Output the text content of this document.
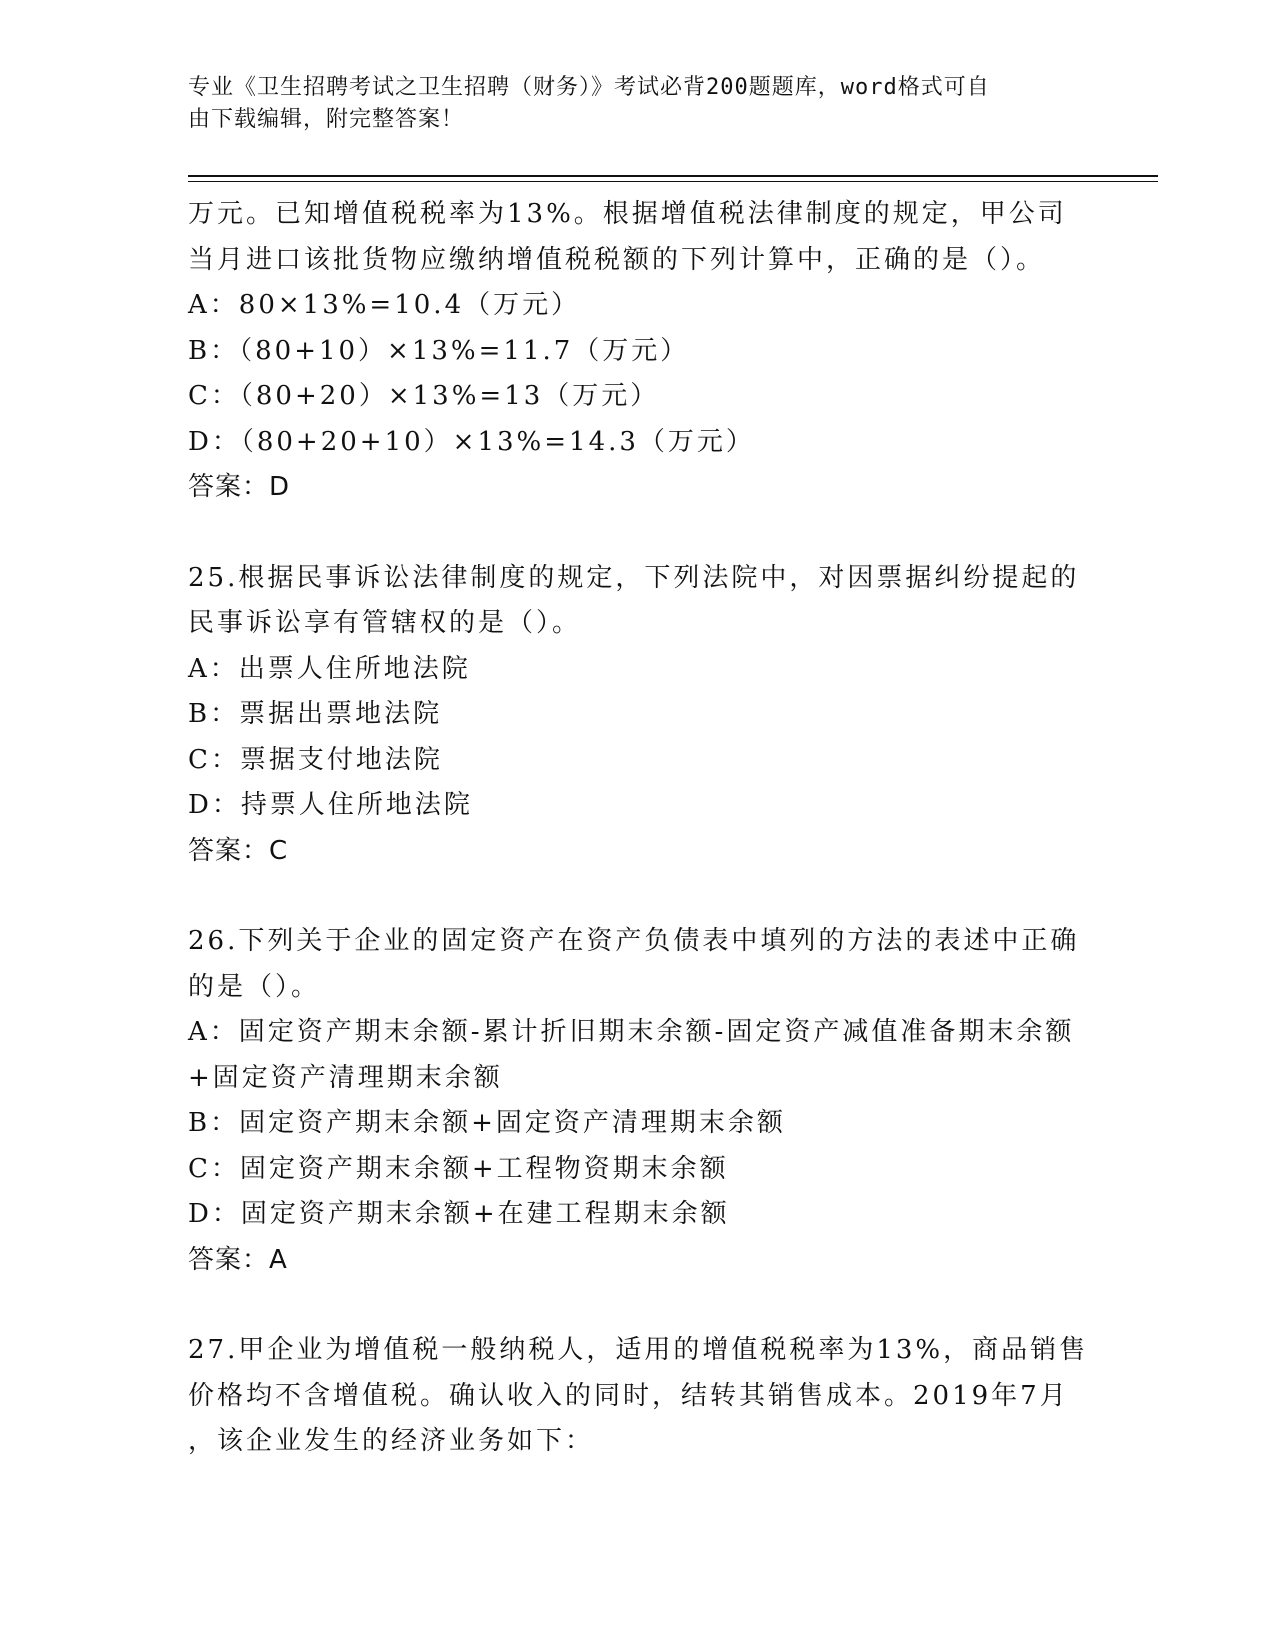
专业《卫生招聘考试之卫生招聘（财务）》考试必背200题题库，word格式可自
由下载编辑，附完整答案！
万元。已知增值税税率为13%。根据增值税法律制度的规定，甲公司
当月进口该批货物应缴纳增值税税额的下列计算中，正确的是（）。
A：80×13%=10.4（万元）
B：（80+10）×13%=11.7（万元）
C：（80+20）×13%=13（万元）
D：（80+20+10）×13%=14.3（万元）
答案：D
25.根据民事诉讼法律制度的规定，下列法院中，对因票据纠纷提起的
民事诉讼享有管辖权的是（）。
A：出票人住所地法院
B：票据出票地法院
C：票据支付地法院
D：持票人住所地法院
答案：C
26.下列关于企业的固定资产在资产负债表中填列的方法的表述中正确
的是（）。
A：固定资产期末余额-累计折旧期末余额-固定资产减值准备期末余额
+固定资产清理期末余额
B：固定资产期末余额+固定资产清理期末余额
C：固定资产期末余额+工程物资期末余额
D：固定资产期末余额+在建工程期末余额
答案：A
27.甲企业为增值税一般纳税人，适用的增值税税率为13%，商品销售
价格均不含增值税。确认收入的同时，结转其销售成本。2019年7月
，该企业发生的经济业务如下：
